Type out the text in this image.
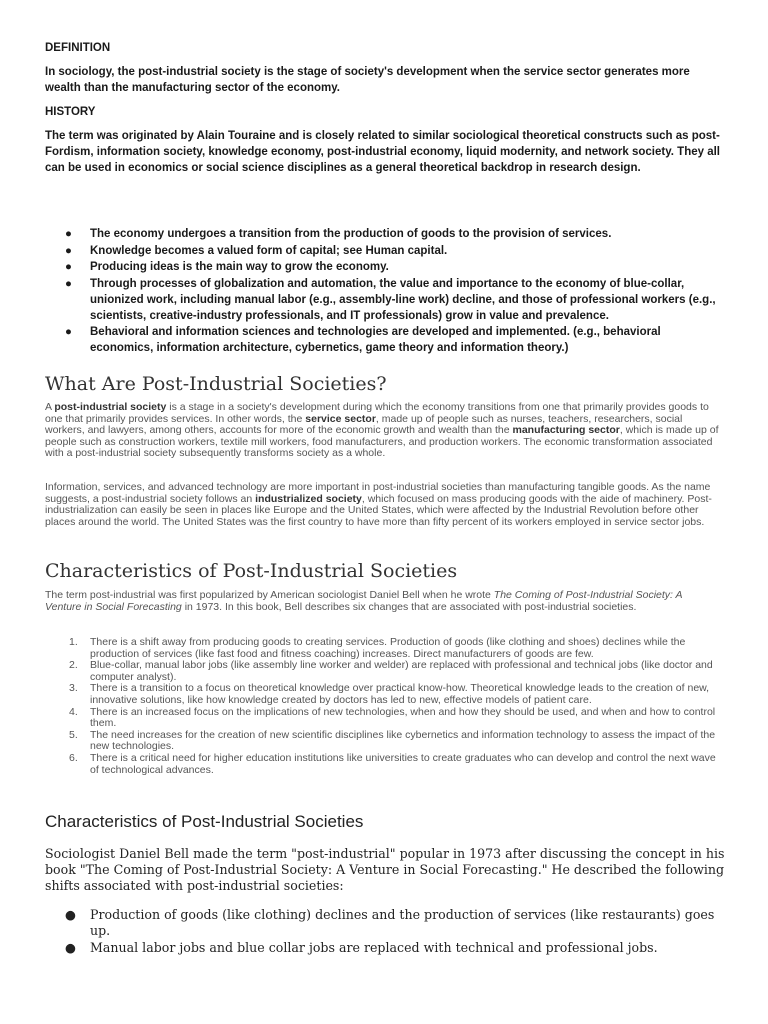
DEFINITION

In sociology, the post-industrial society is the stage of society's development when the service sector generates more wealth than the manufacturing sector of the economy.

HISTORY

The term was originated by Alain Touraine and is closely related to similar sociological theoretical constructs such as post-Fordism, information society, knowledge economy, post-industrial economy, liquid modernity, and network society. They all can be used in economics or social science disciplines as a general theoretical backdrop in research design.

● The economy undergoes a transition from the production of goods to the provision of services.
● Knowledge becomes a valued form of capital; see Human capital.
● Producing ideas is the main way to grow the economy.
● Through processes of globalization and automation, the value and importance to the economy of blue-collar, unionized work, including manual labor (e.g., assembly-line work) decline, and those of professional workers (e.g., scientists, creative-industry professionals, and IT professionals) grow in value and prevalence.
● Behavioral and information sciences and technologies are developed and implemented. (e.g., behavioral economics, information architecture, cybernetics, game theory and information theory.)
What Are Post-Industrial Societies?

A post-industrial society is a stage in a society's development during which the economy transitions from one that primarily provides goods to one that primarily provides services. In other words, the service sector, made up of people such as nurses, teachers, researchers, social workers, and lawyers, among others, accounts for more of the economic growth and wealth than the manufacturing sector, which is made up of people such as construction workers, textile mill workers, food manufacturers, and production workers. The economic transformation associated with a post-industrial society subsequently transforms society as a whole.

Information, services, and advanced technology are more important in post-industrial societies than manufacturing tangible goods. As the name suggests, a post-industrial society follows an industrialized society, which focused on mass producing goods with the aide of machinery. Post-industrialization can easily be seen in places like Europe and the United States, which were affected by the Industrial Revolution before other places around the world. The United States was the first country to have more than fifty percent of its workers employed in service sector jobs.

Characteristics of Post-Industrial Societies

The term post-industrial was first popularized by American sociologist Daniel Bell when he wrote The Coming of Post-Industrial Society: A Venture in Social Forecasting in 1973. In this book, Bell describes six changes that are associated with post-industrial societies.

1. There is a shift away from producing goods to creating services. Production of goods (like clothing and shoes) declines while the production of services (like fast food and fitness coaching) increases. Direct manufacturers of goods are few.
2. Blue-collar, manual labor jobs (like assembly line worker and welder) are replaced with professional and technical jobs (like doctor and computer analyst).
3. There is a transition to a focus on theoretical knowledge over practical know-how. Theoretical knowledge leads to the creation of new, innovative solutions, like how knowledge created by doctors has led to new, effective models of patient care.
4. There is an increased focus on the implications of new technologies, when and how they should be used, and when and how to control them.
5. The need increases for the creation of new scientific disciplines like cybernetics and information technology to assess the impact of the new technologies.
6. There is a critical need for higher education institutions like universities to create graduates who can develop and control the next wave of technological advances.
Characteristics of Post-Industrial Societies

Sociologist Daniel Bell made the term "post-industrial" popular in 1973 after discussing the concept in his book "The Coming of Post-Industrial Society: A Venture in Social Forecasting." He described the following shifts associated with post-industrial societies:

● Production of goods (like clothing) declines and the production of services (like restaurants) goes up.
● Manual labor jobs and blue collar jobs are replaced with technical and professional jobs.
